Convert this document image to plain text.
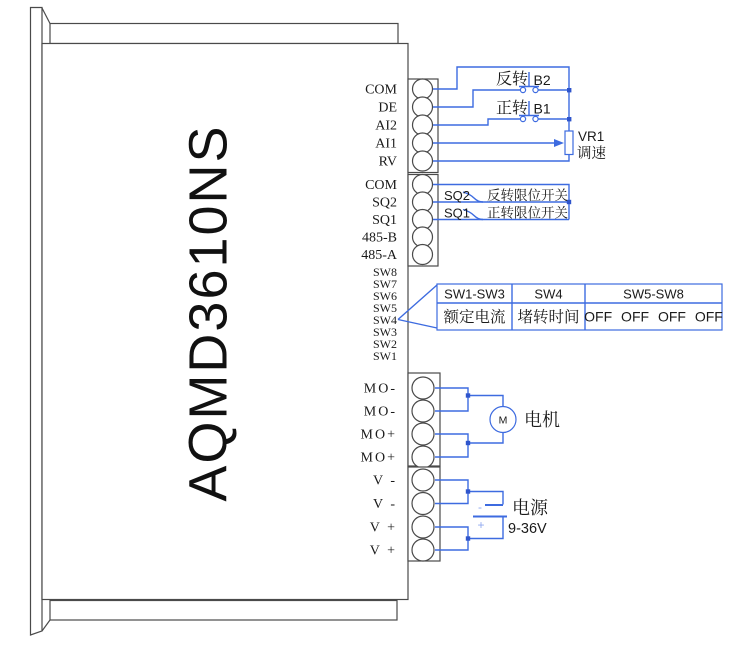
AQMD3610NS
COM
DE
AI2
AI1
RV
反转 B2
正转 B1
VR1
调速
COM
SQ2
SQ1
485-B
485-A
SQ2 反转限位开关
SQ1 正转限位开关
SW8
SW7
SW6
SW5
SW4
SW3
SW2
SW1
SW1-SW3 SW4	SW5-SW8
额定电流 堵转时间 OFF OFF OFF OFF
MO-
MO-
MO+
MO+
M 电机
V -
V -
V +
V +
-
+
电源
9-36V
